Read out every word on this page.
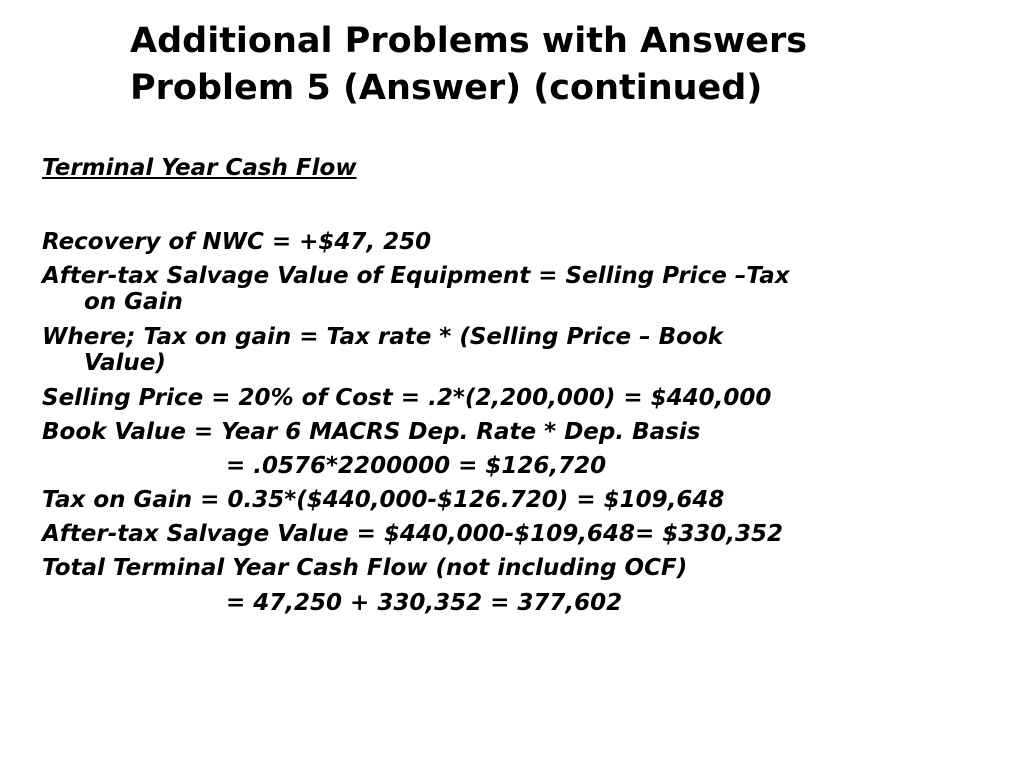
Additional Problems with Answers
Problem 5 (Answer) (continued)
Terminal Year Cash Flow
Recovery of NWC = +$47, 250
After-tax Salvage Value of Equipment = Selling Price –Tax
on Gain
Where; Tax on gain = Tax rate * (Selling Price – Book
Value)
Selling Price = 20% of Cost = .2*(2,200,000) = $440,000
Book Value = Year 6 MACRS Dep. Rate * Dep. Basis
= .0576*2200000 = $126,720
Tax on Gain = 0.35*($440,000-$126.720) = $109,648
After-tax Salvage Value = $440,000-$109,648= $330,352
Total Terminal Year Cash Flow (not including OCF)
= 47,250 + 330,352 = 377,602
